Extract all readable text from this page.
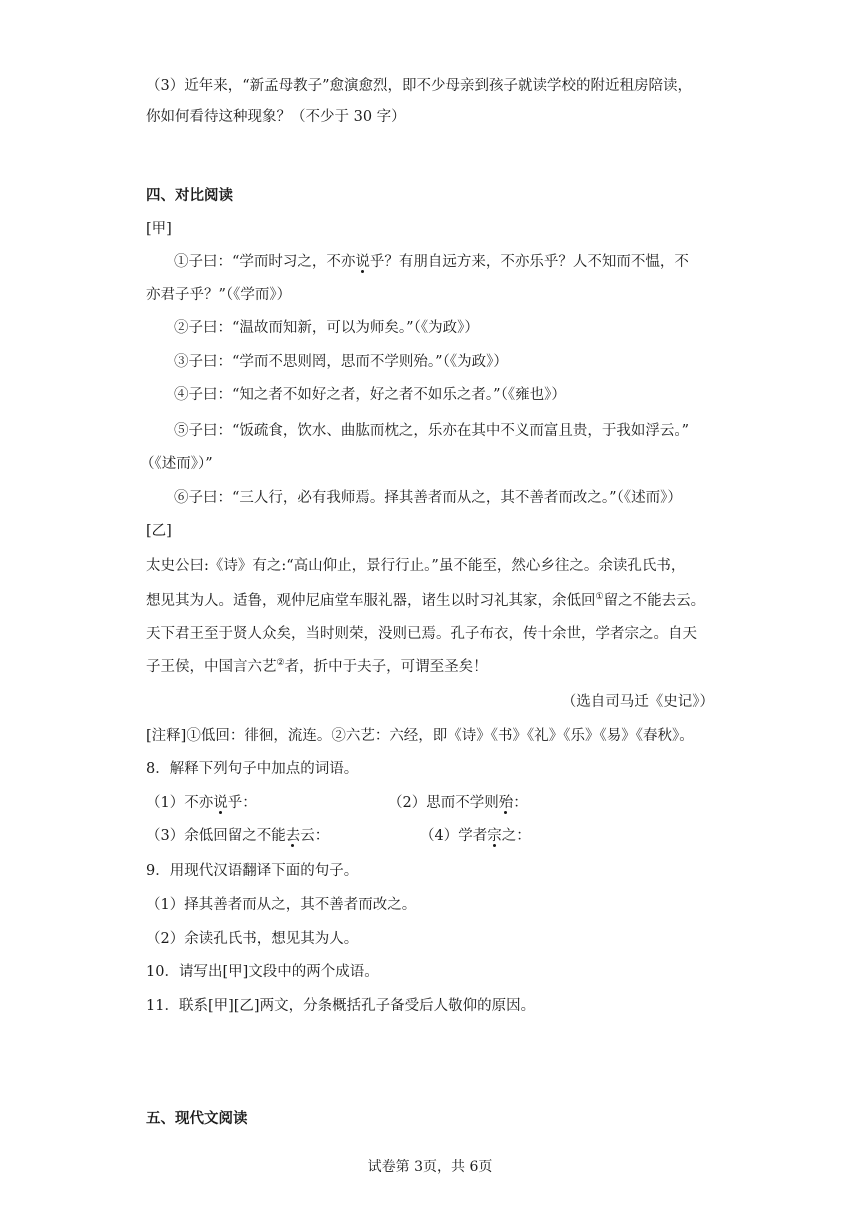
（3）近年来，“新孟母教子”愈演愈烈，即不少母亲到孩子就读学校的附近租房陪读，
你如何看待这种现象？（不少于 30 字）
四、对比阅读
[甲]
①子曰：“学而时习之，不亦说乎？有朋自远方来，不亦乐乎？人不知而不愠，不
亦君子乎？”（《学而》）
②子曰：“温故而知新，可以为师矣。”（《为政》）
③子曰：“学而不思则罔，思而不学则殆。”（《为政》）
④子曰：“知之者不如好之者，好之者不如乐之者。”（《雍也》）
⑤子曰：“饭疏食，饮水、曲肱而枕之，乐亦在其中不义而富且贵，于我如浮云。”
（《述而》）”
⑥子曰：“三人行，必有我师焉。择其善者而从之，其不善者而改之。”（《述而》）
[乙]
太史公曰:《诗》有之:“高山仰止，景行行止。”虽不能至，然心乡往之。余读孔氏书，
想见其为人。适鲁，观仲尼庙堂车服礼器，诸生以时习礼其家，余低回①留之不能去云。
天下君王至于贤人众矣，当时则荣，没则已焉。孔子布衣，传十余世，学者宗之。自天
子王侯，中国言六艺②者，折中于夫子，可谓至圣矣！
（选自司马迁《史记》）
[注释]①低回：徘徊，流连。②六艺：六经，即《诗》《书》《礼》《乐》《易》《春秋》。
8．解释下列句子中加点的词语。
（1）不亦说乎：	（2）思而不学则殆：
（3）余低回留之不能去云：	（4）学者宗之：
9．用现代汉语翻译下面的句子。
（1）择其善者而从之，其不善者而改之。
（2）余读孔氏书，想见其为人。
10．请写出[甲]文段中的两个成语。
11．联系[甲][乙]两文，分条概括孔子备受后人敬仰的原因。
五、现代文阅读
试卷第 3页，共 6页
